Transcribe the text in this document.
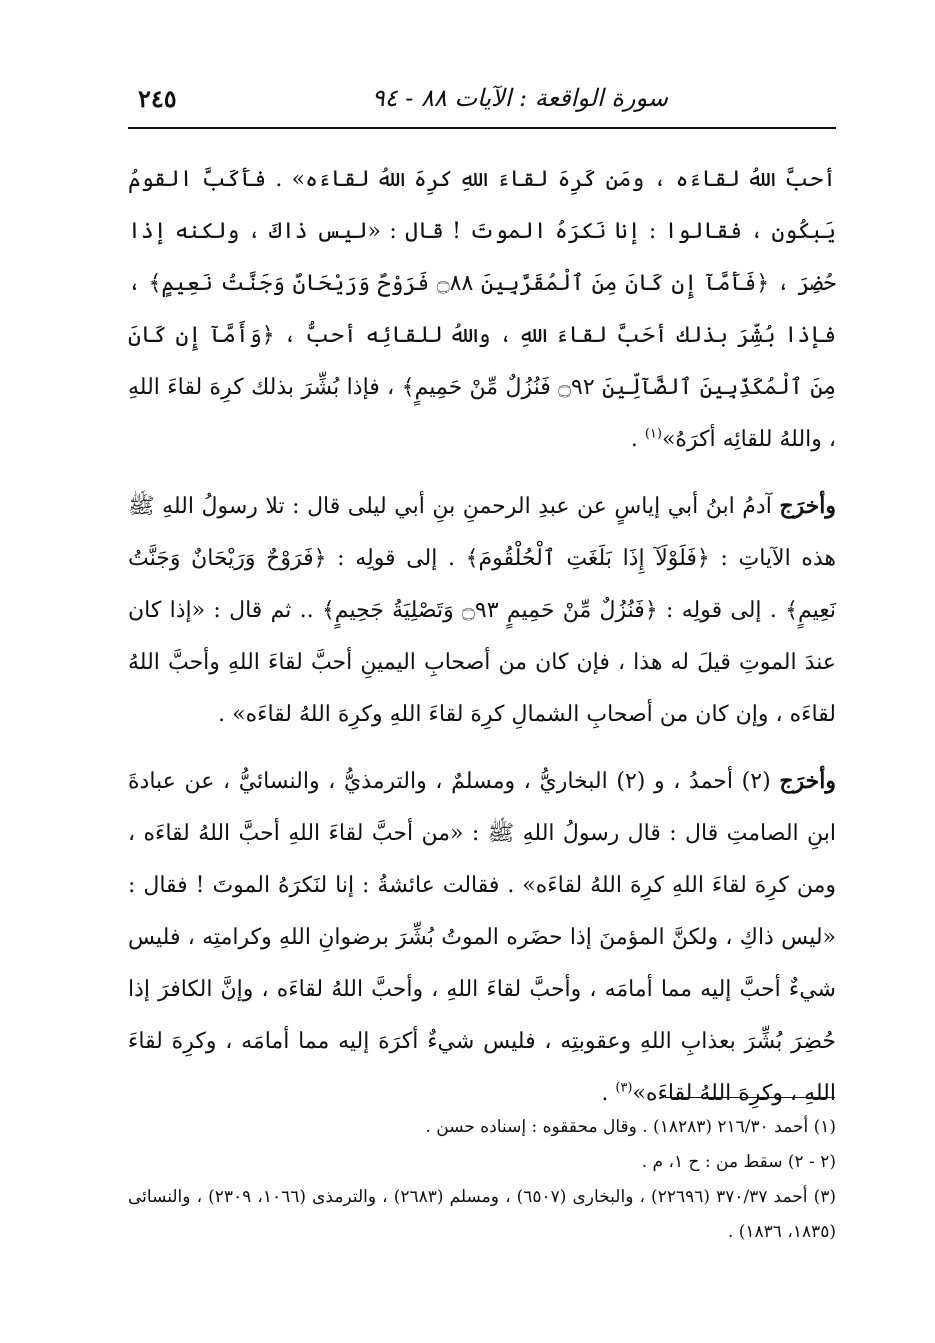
سورة الواقعة : الآيات ٨٨ - ٩٤
٢٤٥

أحبَّ اللهُ لقاءَه ، ومَن كَرِهَ لقاءَ اللهِ كرِهَ اللهُ لقاءَه» . فأَكَبَّ القومُ يَبكُون ، فقالوا : إنا نَكرَهُ الموتَ ! قال : «ليس ذاكَ ، ولكنه إذا حُضِرَ ، ﴿فَأَمَّآ إِن كَانَ مِنَ ٱلْمُقَرَّبِينَ ۝٨٨ فَرَوْحٌ وَرَيْحَانٌ وَجَنَّتُ نَعِيمٍ﴾ ، فإذا بُشِّرَ بذلك أحَبَّ لقاءَ اللهِ ، واللهُ للقائِه أحبُّ ، ﴿وَأَمَّآ إِن كَانَ مِنَ ٱلْمُكَذِّبِينَ ٱلضَّآلِّينَ ۝٩٢ فَنُزُلٌ مِّنْ حَمِيمٍ﴾ ، فإذا بُشِّرَ بذلك كرِهَ لقاءَ اللهِ ، واللهُ للقائِه أكرَهُ»$^{(١)}$ .

وأخرَج آدمُ ابنُ أبي إياسٍ عن عبدِ الرحمنِ بنِ أبي ليلى قال : تلا رسولُ اللهِ ﷺ هذه الآياتِ : ﴿فَلَوْلَآ إِذَا بَلَغَتِ ٱلْحُلْقُومَ﴾ . إلى قولِه : ﴿فَرَوْحٌ وَرَيْحَانٌ وَجَنَّتُ نَعِيمٍ﴾ . إلى قولِه : ﴿فَنُزُلٌ مِّنْ حَمِيمٍ ۝٩٣ وَتَصْلِيَةُ جَحِيمٍ﴾ .. ثم قال : «إذا كان عندَ الموتِ قيلَ له هذا ، فإن كان من أصحابِ اليمينِ أحبَّ لقاءَ اللهِ وأحبَّ اللهُ لقاءَه ، وإن كان من أصحابِ الشمالِ كرِهَ لقاءَ اللهِ وكرِهَ اللهُ لقاءَه» .

وأخرَج (٢) أحمدُ ، و (٢) البخاريُّ ، ومسلمٌ ، والترمذيُّ ، والنسائيُّ ، عن عبادةَ ابنِ الصامتِ قال : قال رسولُ اللهِ ﷺ : «من أحبَّ لقاءَ اللهِ أحبَّ اللهُ لقاءَه ، ومن كرِهَ لقاءَ اللهِ كرِهَ اللهُ لقاءَه» . فقالت عائشةُ : إنا لنَكرَهُ الموتَ ! فقال : «ليس ذاكِ ، ولكنَّ المؤمنَ إذا حضَره الموتُ بُشِّرَ برضوانِ اللهِ وكرامتِه ، فليس شيءٌ أحبَّ إليه مما أمامَه ، وأحبَّ لقاءَ اللهِ ، وأحبَّ اللهُ لقاءَه ، وإنَّ الكافرَ إذا حُضِرَ بُشِّرَ بعذابِ اللهِ وعقوبتِه ، فليس شيءٌ أكرَهَ إليه مما أمامَه ، وكرِهَ لقاءَ اللهِ ، وكرِهَ اللهُ لقاءَه»$^{(٣)}$ .

(١) أحمد ٢١٦/٣٠ (١٨٢٨٣) . وقال محققوه : إسناده حسن .

(٢ - ٢) سقط من : ح ١، م .

(٣) أحمد ٣٧٠/٣٧ (٢٢٦٩٦) ، والبخارى (٦٥٠٧) ، ومسلم (٢٦٨٣) ، والترمذى (١٠٦٦، ٢٣٠٩) ، والنسائى (١٨٣٥، ١٨٣٦) .
